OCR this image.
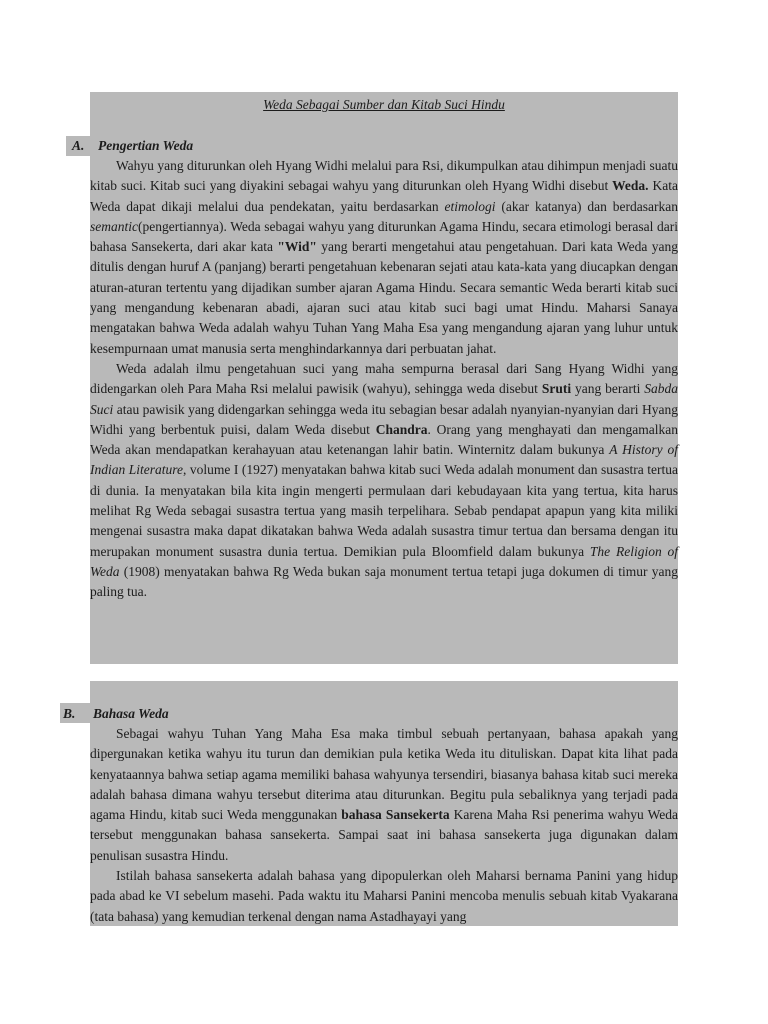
Weda Sebagai Sumber dan Kitab Suci Hindu
A. Pengertian Weda

Wahyu yang diturunkan oleh Hyang Widhi melalui para Rsi, dikumpulkan atau dihimpun menjadi suatu kitab suci. Kitab suci yang diyakini sebagai wahyu yang diturunkan oleh Hyang Widhi disebut Weda. Kata Weda dapat dikaji melalui dua pendekatan, yaitu berdasarkan etimologi (akar katanya) dan berdasarkan semantic(pengertiannya). Weda sebagai wahyu yang diturunkan Agama Hindu, secara etimologi berasal dari bahasa Sansekerta, dari akar kata "Wid" yang berarti mengetahui atau pengetahuan. Dari kata Weda yang ditulis dengan huruf A (panjang) berarti pengetahuan kebenaran sejati atau kata-kata yang diucapkan dengan aturan-aturan tertentu yang dijadikan sumber ajaran Agama Hindu. Secara semantic Weda berarti kitab suci yang mengandung kebenaran abadi, ajaran suci atau kitab suci bagi umat Hindu. Maharsi Sanaya mengatakan bahwa Weda adalah wahyu Tuhan Yang Maha Esa yang mengandung ajaran yang luhur untuk kesempurnaan umat manusia serta menghindarkannya dari perbuatan jahat.

Weda adalah ilmu pengetahuan suci yang maha sempurna berasal dari Sang Hyang Widhi yang didengarkan oleh Para Maha Rsi melalui pawisik (wahyu), sehingga weda disebut Sruti yang berarti Sabda Suci atau pawisik yang didengarkan sehingga weda itu sebagian besar adalah nyanyian-nyanyian dari Hyang Widhi yang berbentuk puisi, dalam Weda disebut Chandra. Orang yang menghayati dan mengamalkan Weda akan mendapatkan kerahayuan atau ketenangan lahir batin. Winternitz dalam bukunya A History of Indian Literature, volume I (1927) menyatakan bahwa kitab suci Weda adalah monument dan susastra tertua di dunia. Ia menyatakan bila kita ingin mengerti permulaan dari kebudayaan kita yang tertua, kita harus melihat Rg Weda sebagai susastra tertua yang masih terpelihara. Sebab pendapat apapun yang kita miliki mengenai susastra maka dapat dikatakan bahwa Weda adalah susastra timur tertua dan bersama dengan itu merupakan monument susastra dunia tertua. Demikian pula Bloomfield dalam bukunya The Religion of Weda (1908) menyatakan bahwa Rg Weda bukan saja monument tertua tetapi juga dokumen di timur yang paling tua.

B. Bahasa Weda

Sebagai wahyu Tuhan Yang Maha Esa maka timbul sebuah pertanyaan, bahasa apakah yang dipergunakan ketika wahyu itu turun dan demikian pula ketika Weda itu dituliskan. Dapat kita lihat pada kenyataannya bahwa setiap agama memiliki bahasa wahyunya tersendiri, biasanya bahasa kitab suci mereka adalah bahasa dimana wahyu tersebut diterima atau diturunkan. Begitu pula sebaliknya yang terjadi pada agama Hindu, kitab suci Weda menggunakan bahasa Sansekerta Karena Maha Rsi penerima wahyu Weda tersebut menggunakan bahasa sansekerta. Sampai saat ini bahasa sansekerta juga digunakan dalam penulisan susastra Hindu.

Istilah bahasa sansekerta adalah bahasa yang dipopulerkan oleh Maharsi bernama Panini yang hidup pada abad ke VI sebelum masehi. Pada waktu itu Maharsi Panini mencoba menulis sebuah kitab Vyakarana (tata bahasa) yang kemudian terkenal dengan nama Astadhayayi yang
